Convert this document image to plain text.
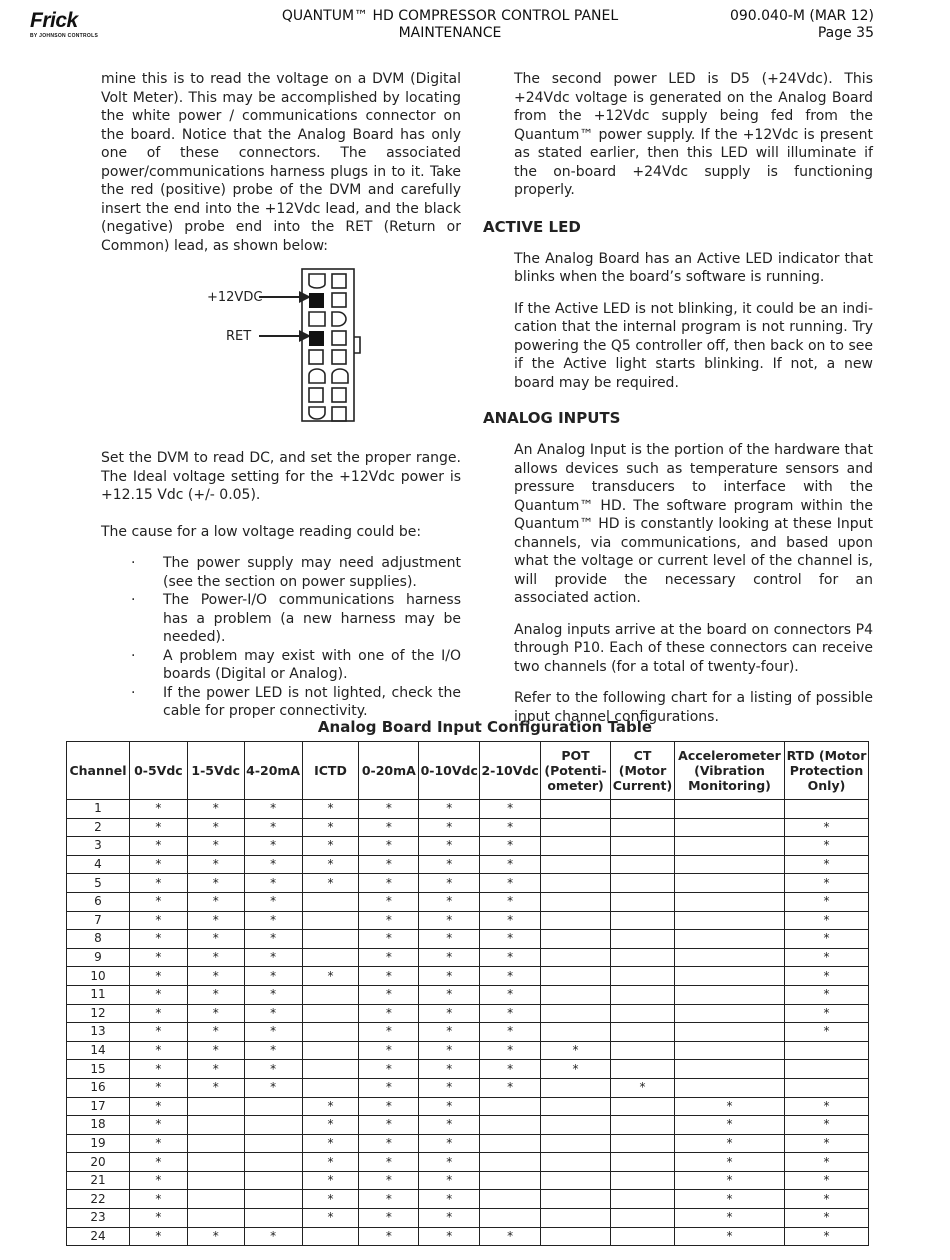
Frick
BY JOHNSON CONTROLS
QUANTUM™ HD COMPRESSOR CONTROL PANEL
MAINTENANCE
090.040-M (MAR 12)
Page 35

mine this is to read the voltage on a DVM (Digital Volt Meter). This may be accomplished by locating the white power / communications connector on the board. Notice that the Analog Board has only one of these connectors. The associated power/communications harness plugs in to it. Take the red (positive) probe of the DVM and carefully insert the end into the +12Vdc lead, and the black (negative) probe end into the RET (Return or Common) lead, as shown below:

+12VDC
RET

Set the DVM to read DC, and set the proper range. The Ideal voltage setting for the +12Vdc power is +12.15 Vdc (+/- 0.05).

The cause for a low voltage reading could be:

· The power supply may need adjustment (see the section on power supplies).
· The Power-I/O communications harness has a problem (a new harness may be needed).
· A problem may exist with one of the I/O boards (Digital or Analog).
· If the power LED is not lighted, check the cable for proper connectivity.

The second power LED is D5 (+24Vdc). This +24Vdc voltage is generated on the Analog Board from the +12Vdc supply being fed from the Quantum™ power supply. If the +12Vdc is present as stated earlier, then this LED will illuminate if the on-board +24Vdc supply is functioning properly.

ACTIVE LED

The Analog Board has an Active LED indicator that blinks when the board’s software is running.

If the Active LED is not blinking, it could be an indication that the internal program is not running. Try powering the Q5 controller off, then back on to see if the Active light starts blinking. If not, a new board may be required.

ANALOG INPUTS

An Analog Input is the portion of the hardware that allows devices such as temperature sensors and pressure transducers to interface with the Quantum™ HD. The software program within the Quantum™ HD is constantly looking at these Input channels, via communications, and based upon what the voltage or current level of the channel is, will provide the necessary control for an associated action.

Analog inputs arrive at the board on connectors P4 through P10. Each of these connectors can receive two channels (for a total of twenty-four).

Refer to the following chart for a listing of possible input channel configurations.

Analog Board Input Configuration Table
Channel	0-5Vdc	1-5Vdc	4-20mA	ICTD	0-20mA	0-10Vdc	2-10Vdc	POT (Potentiometer)	CT (Motor Current)	Accelerometer (Vibration Monitoring)	RTD (Motor Protection Only)
1	*	*	*	*	*	*	*				
2	*	*	*	*	*	*	*				*
3	*	*	*	*	*	*	*				*
4	*	*	*	*	*	*	*				*
5	*	*	*	*	*	*	*				*
6	*	*	*		*	*	*				*
7	*	*	*		*	*	*				*
8	*	*	*		*	*	*				*
9	*	*	*		*	*	*				*
10	*	*	*	*	*	*	*				*
11	*	*	*		*	*	*				*
12	*	*	*		*	*	*				*
13	*	*	*		*	*	*				*
14	*	*	*		*	*	*	*			
15	*	*	*		*	*	*	*			
16	*	*	*		*	*	*		*		
17	*			*	*	*				*	*
18	*			*	*	*				*	*
19	*			*	*	*				*	*
20	*			*	*	*				*	*
21	*			*	*	*				*	*
22	*			*	*	*				*	*
23	*			*	*	*				*	*
24	*	*	*		*	*	*			*	*
